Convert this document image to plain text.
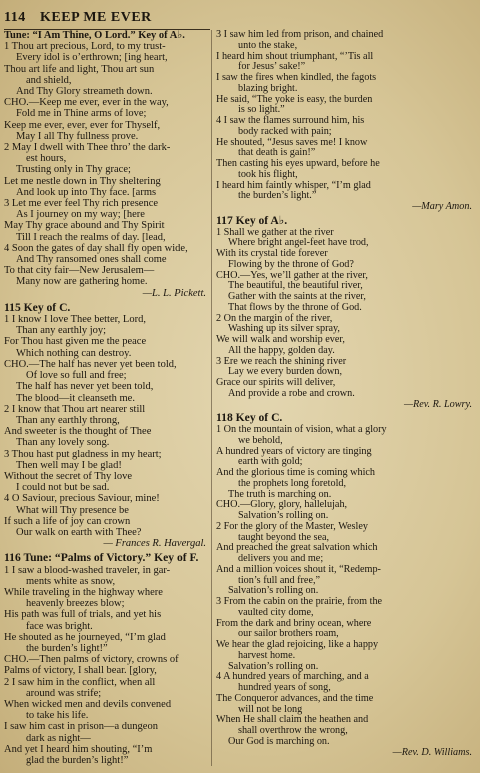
114 KEEP ME EVER
Tune: “I Am Thine, O Lord.” Key of A♭.
1 Thou art precious, Lord, to my trust-
Every idol is o’erthrown; [ing heart,
Thou art life and light, Thou art sun
and shield,
And Thy Glory streameth down.
CHO.—Keep me ever, ever in the way,
Fold me in Thine arms of love;
Keep me ever, ever, ever for Thyself,
May I all Thy fullness prove.
2 May I dwell with Thee thro’ the dark-
est hours,
Trusting only in Thy grace;
Let me nestle down in Thy sheltering
And look up into Thy face. [arms
3 Let me ever feel Thy rich presence
As I journey on my way; [here
May Thy grace abound and Thy Spirit
Till I reach the realms of day. [lead,
4 Soon the gates of day shall fly open wide,
And Thy ransomed ones shall come
To that city fair—New Jerusalem—
Many now are gathering home.
—L. L. Pickett.
115 Key of C.
1 I know I love Thee better, Lord,
Than any earthly joy;
For Thou hast given me the peace
Which nothing can destroy.
CHO.—The half has never yet been told,
Of love so full and free;
The half has never yet been told,
The blood—it cleanseth me.
2 I know that Thou art nearer still
Than any earthly throng,
And sweeter is the thought of Thee
Than any lovely song.
3 Thou hast put gladness in my heart;
Then well may I be glad!
Without the secret of Thy love
I could not but be sad.
4 O Saviour, precious Saviour, mine!
What will Thy presence be
If such a life of joy can crown
Our walk on earth with Thee?
— Frances R. Havergal.
116 Tune: “Palms of Victory.” Key of F.
1 I saw a blood-washed traveler, in gar-
ments white as snow,
While traveling in the highway where
heavenly breezes blow;
His path was full of trials, and yet his
face was bright.
He shouted as he journeyed, “I’m glad
the burden’s light!”
CHO.—Then palms of victory, crowns of
Palms of victory, I shall bear. [glory,
2 I saw him in the conflict, when all
around was strife;
When wicked men and devils convened
to take his life.
I saw him cast in prison—a dungeon
dark as night—
And yet I heard him shouting, “I’m
glad the burden’s light!”
3 I saw him led from prison, and chained
unto the stake,
I heard him shout triumphant, “’Tis all
for Jesus’ sake!”
I saw the fires when kindled, the fagots
blazing bright.
He said, “The yoke is easy, the burden
is so light.”
4 I saw the flames surround him, his
body racked with pain;
He shouted, “Jesus saves me! I know
that death is gain!”
Then casting his eyes upward, before he
took his flight,
I heard him faintly whisper, “I’m glad
the burden’s light.”
—Mary Amon.
117 Key of A♭.
1 Shall we gather at the river
Where bright angel-feet have trod,
With its crystal tide forever
Flowing by the throne of God?
CHO.—Yes, we’ll gather at the river,
The beautiful, the beautiful river,
Gather with the saints at the river,
That flows by the throne of God.
2 On the margin of the river,
Washing up its silver spray,
We will walk and worship ever,
All the happy, golden day.
3 Ere we reach the shining river
Lay we every burden down,
Grace our spirits will deliver,
And provide a robe and crown.
—Rev. R. Lowry.
118 Key of C.
1 On the mountain of vision, what a glory
we behold,
A hundred years of victory are tinging
earth with gold;
And the glorious time is coming which
the prophets long foretold,
The truth is marching on.
CHO.—Glory, glory, hallelujah,
Salvation’s rolling on.
2 For the glory of the Master, Wesley
taught beyond the sea,
And preached the great salvation which
delivers you and me;
And a million voices shout it, “Redemp-
tion’s full and free,”
Salvation’s rolling on.
3 From the cabin on the prairie, from the
vaulted city dome,
From the dark and briny ocean, where
our sailor brothers roam,
We hear the glad rejoicing, like a happy
harvest home.
Salvation’s rolling on.
4 A hundred years of marching, and a
hundred years of song,
The Conqueror advances, and the time
will not be long
When He shall claim the heathen and
shall overthrow the wrong,
Our God is marching on.
—Rev. D. Williams.
